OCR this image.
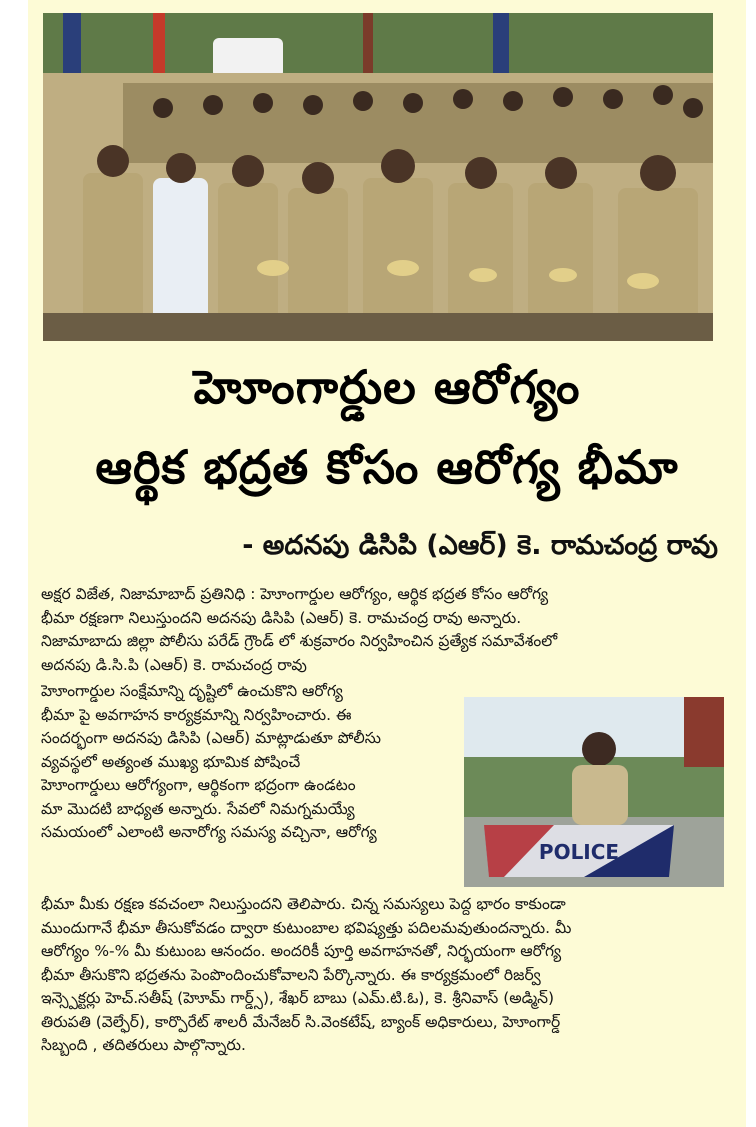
హెూంగార్డుల ఆరోగ్యం
ఆర్థిక భద్రత కోసం ఆరోగ్య భీమా
- అదనపు డిసిపి (ఎఆర్) కె. రామచంద్ర రావు
అక్షర విజేత, నిజామాబాద్ ప్రతినిధి : హెూంగార్డుల ఆరోగ్యం, ఆర్థిక భద్రత కోసం ఆరోగ్య
భీమా రక్షణగా నిలుస్తుందని అదనపు డిసిపి (ఎఆర్) కె. రామచంద్ర రావు అన్నారు.
నిజామాబాదు జిల్లా పోలీసు పరేడ్ గ్రౌండ్ లో శుక్రవారం నిర్వహించిన ప్రత్యేక సమావేశంలో
అదనపు డి.సి.పి (ఎఆర్) కె. రామచంద్ర రావు
హెూంగార్డుల సంక్షేమాన్ని దృష్టిలో ఉంచుకొని ఆరోగ్య
భీమా పై అవగాహన కార్యక్రమాన్ని నిర్వహించారు. ఈ
సందర్భంగా అదనపు డిసిపి (ఎఆర్) మాట్లాడుతూ పోలీసు
వ్యవస్థలో అత్యంత ముఖ్య భూమిక పోషించే
హెూంగార్డులు ఆరోగ్యంగా, ఆర్థికంగా భద్రంగా ఉండటం
మా మొదటి బాధ్యత అన్నారు. సేవలో నిమగ్నమయ్యే
సమయంలో ఎలాంటి అనారోగ్య సమస్య వచ్చినా, ఆరోగ్య
POLICE
భీమా మీకు రక్షణ కవచంలా నిలుస్తుందని తెలిపారు. చిన్న సమస్యలు పెద్ద భారం కాకుండా
ముందుగానే భీమా తీసుకోవడం ద్వారా కుటుంబాల భవిష్యత్తు పదిలమవుతుందన్నారు. మీ
ఆరోగ్యం %-% మీ కుటుంబ ఆనందం. అందరికీ పూర్తి అవగాహనతో, నిర్భయంగా ఆరోగ్య
భీమా తీసుకొని భద్రతను పెంపొందించుకోవాలని పేర్కొన్నారు. ఈ కార్యక్రమంలో రిజర్వ్
ఇన్స్పెక్టర్లు హెచ్.సతీష్ (హెూమ్ గార్డ్స్), శేఖర్ బాబు (ఎమ్.టి.ఓ), కె. శ్రీనివాస్ (అడ్మిన్)
తిరుపతి (వెల్ఫేర్), కార్పొరేట్ శాలరీ మేనేజర్ సి.వెంకటేష్, బ్యాంక్ అధికారులు, హెూంగార్డ్
సిబ్బంది , తదితరులు పాల్గొన్నారు.
